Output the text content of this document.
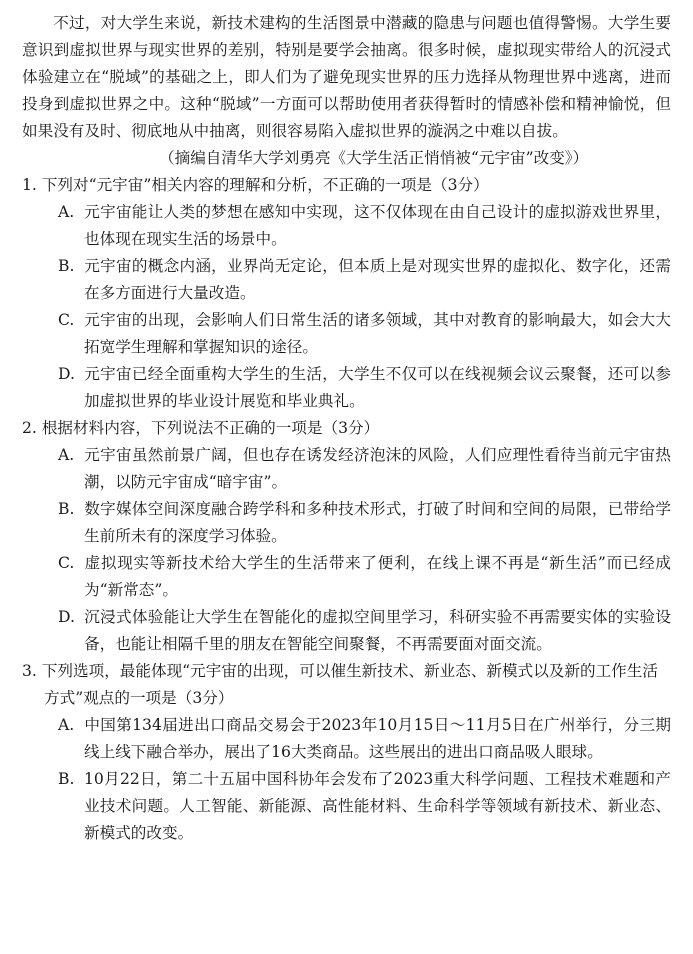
不过，对大学生来说，新技术建构的生活图景中潜藏的隐患与问题也值得警惕。大学生要意识到虚拟世界与现实世界的差别，特别是要学会抽离。很多时候，虚拟现实带给人的沉浸式体验建立在“脱域”的基础之上，即人们为了避免现实世界的压力选择从物理世界中逃离，进而投身到虚拟世界之中。这种“脱域”一方面可以帮助使用者获得暂时的情感补偿和精神愉悦，但如果没有及时、彻底地从中抽离，则很容易陷入虚拟世界的漩涡之中难以自拔。

（摘编自清华大学刘勇亮《大学生活正悄悄被“元宇宙”改变》）

1. 下列对“元宇宙”相关内容的理解和分析，不正确的一项是（3分）

A. 元宇宙能让人类的梦想在感知中实现，这不仅体现在由自己设计的虚拟游戏世界里，也体现在现实生活的场景中。
B. 元宇宙的概念内涵，业界尚无定论，但本质上是对现实世界的虚拟化、数字化，还需在多方面进行大量改造。
C. 元宇宙的出现，会影响人们日常生活的诸多领域，其中对教育的影响最大，如会大大拓宽学生理解和掌握知识的途径。
D. 元宇宙已经全面重构大学生的生活，大学生不仅可以在线视频会议云聚餐，还可以参加虚拟世界的毕业设计展览和毕业典礼。

2. 根据材料内容，下列说法不正确的一项是（3分）

A. 元宇宙虽然前景广阔，但也存在诱发经济泡沫的风险，人们应理性看待当前元宇宙热潮，以防元宇宙成“暗宇宙”。
B. 数字媒体空间深度融合跨学科和多种技术形式，打破了时间和空间的局限，已带给学生前所未有的深度学习体验。
C. 虚拟现实等新技术给大学生的生活带来了便利，在线上课不再是“新生活”而已经成为“新常态”。
D. 沉浸式体验能让大学生在智能化的虚拟空间里学习，科研实验不再需要实体的实验设备，也能让相隔千里的朋友在智能空间聚餐，不再需要面对面交流。

3. 下列选项，最能体现“元宇宙的出现，可以催生新技术、新业态、新模式以及新的工作生活方式”观点的一项是（3分）

A. 中国第134届进出口商品交易会于2023年10月15日～11月5日在广州举行，分三期线上线下融合举办，展出了16大类商品。这些展出的进出口商品吸人眼球。
B. 10月22日，第二十五届中国科协年会发布了2023重大科学问题、工程技术难题和产业技术问题。人工智能、新能源、高性能材料、生命科学等领域有新技术、新业态、新模式的改变。
